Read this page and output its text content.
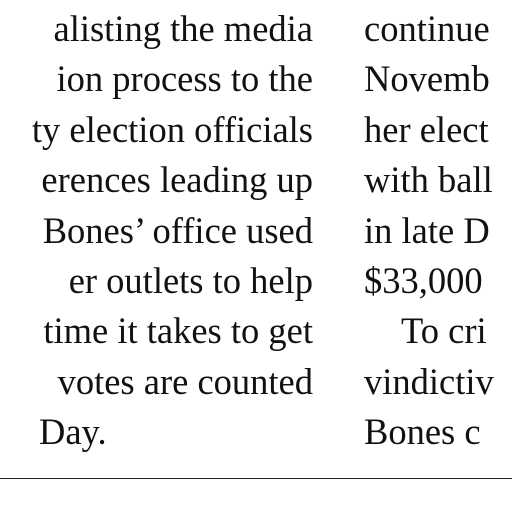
alisting the media
ion process to the
ty election officials
erences leading up
Bones’ office used
er outlets to help
time it takes to get
votes are counted
Day.
continue
Novemb
her elect
with ball
in late D
$33,000
To cri
vindictiv
Bones c
